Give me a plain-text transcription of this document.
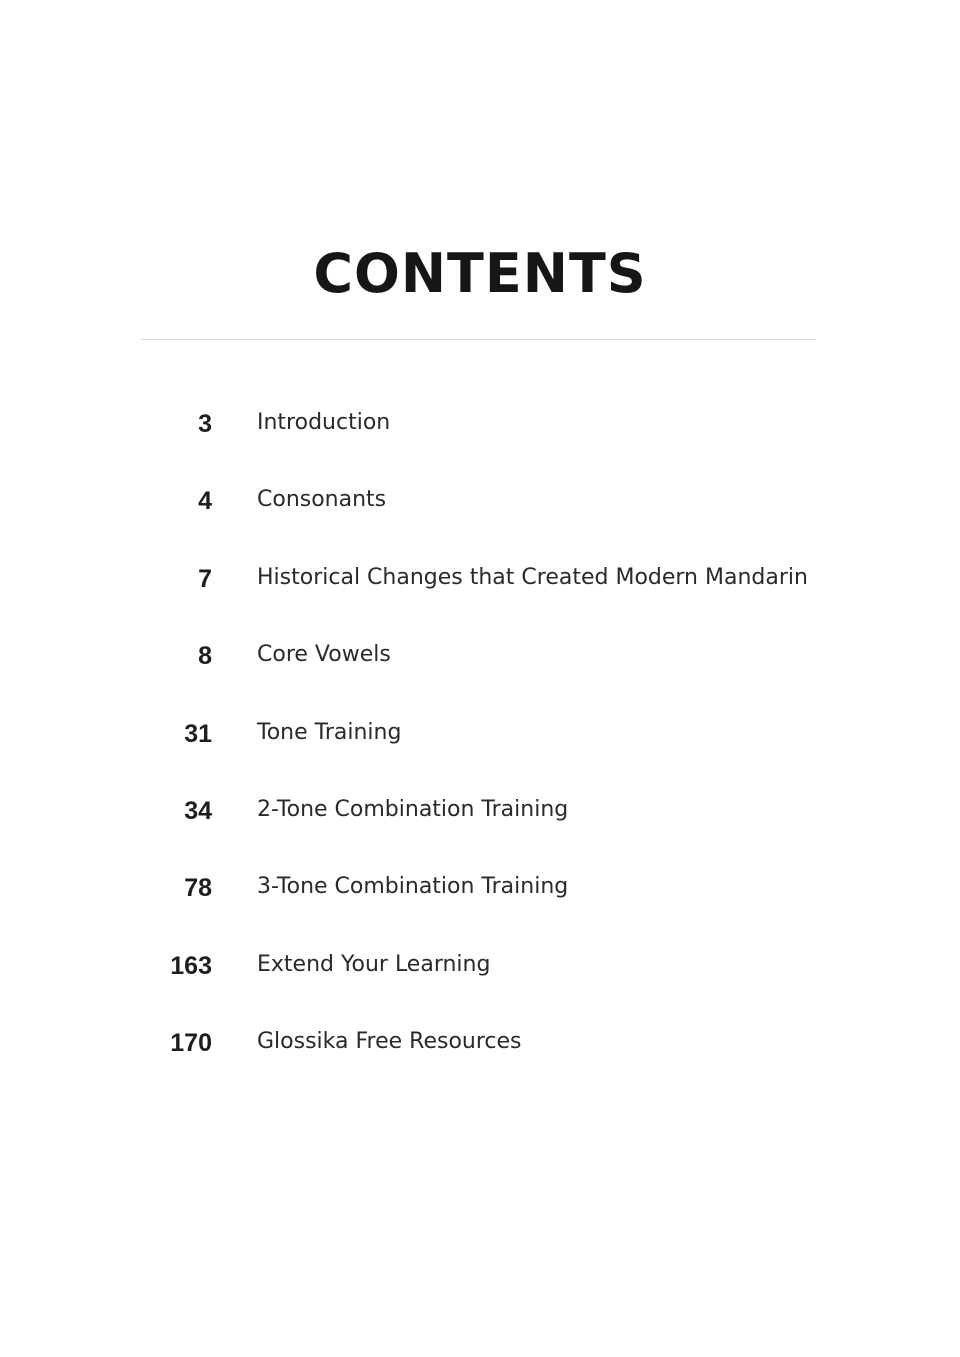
CONTENTS
3 Introduction
4 Consonants
7 Historical Changes that Created Modern Mandarin
8 Core Vowels
31 Tone Training
34 2-Tone Combination Training
78 3-Tone Combination Training
163 Extend Your Learning
170 Glossika Free Resources
